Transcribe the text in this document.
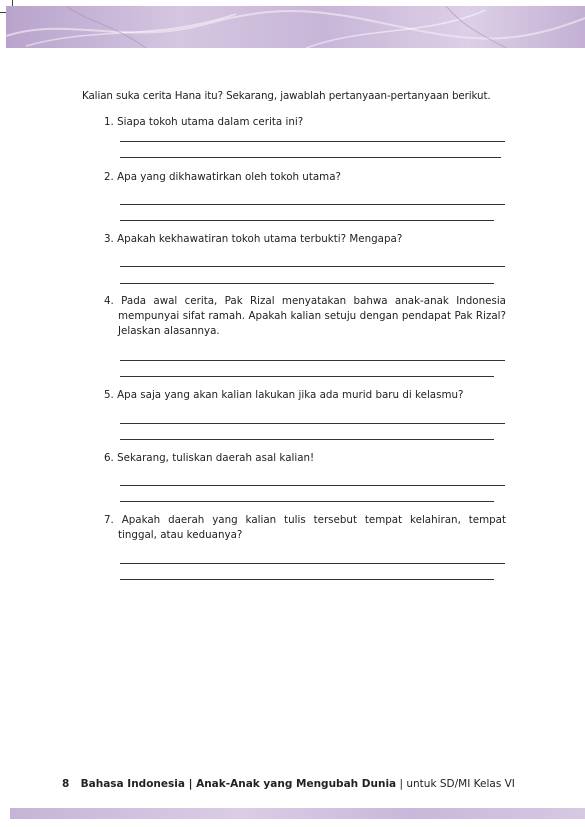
Kalian suka cerita Hana itu? Sekarang, jawablah pertanyaan-pertanyaan berikut.
1. Siapa tokoh utama dalam cerita ini?
2. Apa yang dikhawatirkan oleh tokoh utama?
3. Apakah kekhawatiran tokoh utama terbukti? Mengapa?
4. Pada awal cerita, Pak Rizal menyatakan bahwa anak-anak Indonesia mempunyai sifat ramah. Apakah kalian setuju dengan pendapat Pak Rizal? Jelaskan alasannya.
5. Apa saja yang akan kalian lakukan jika ada murid baru di kelasmu?
6. Sekarang, tuliskan daerah asal kalian!
7. Apakah daerah yang kalian tulis tersebut tempat kelahiran, tempat tinggal, atau keduanya?
8 Bahasa Indonesia | Anak-Anak yang Mengubah Dunia | untuk SD/MI Kelas VI
